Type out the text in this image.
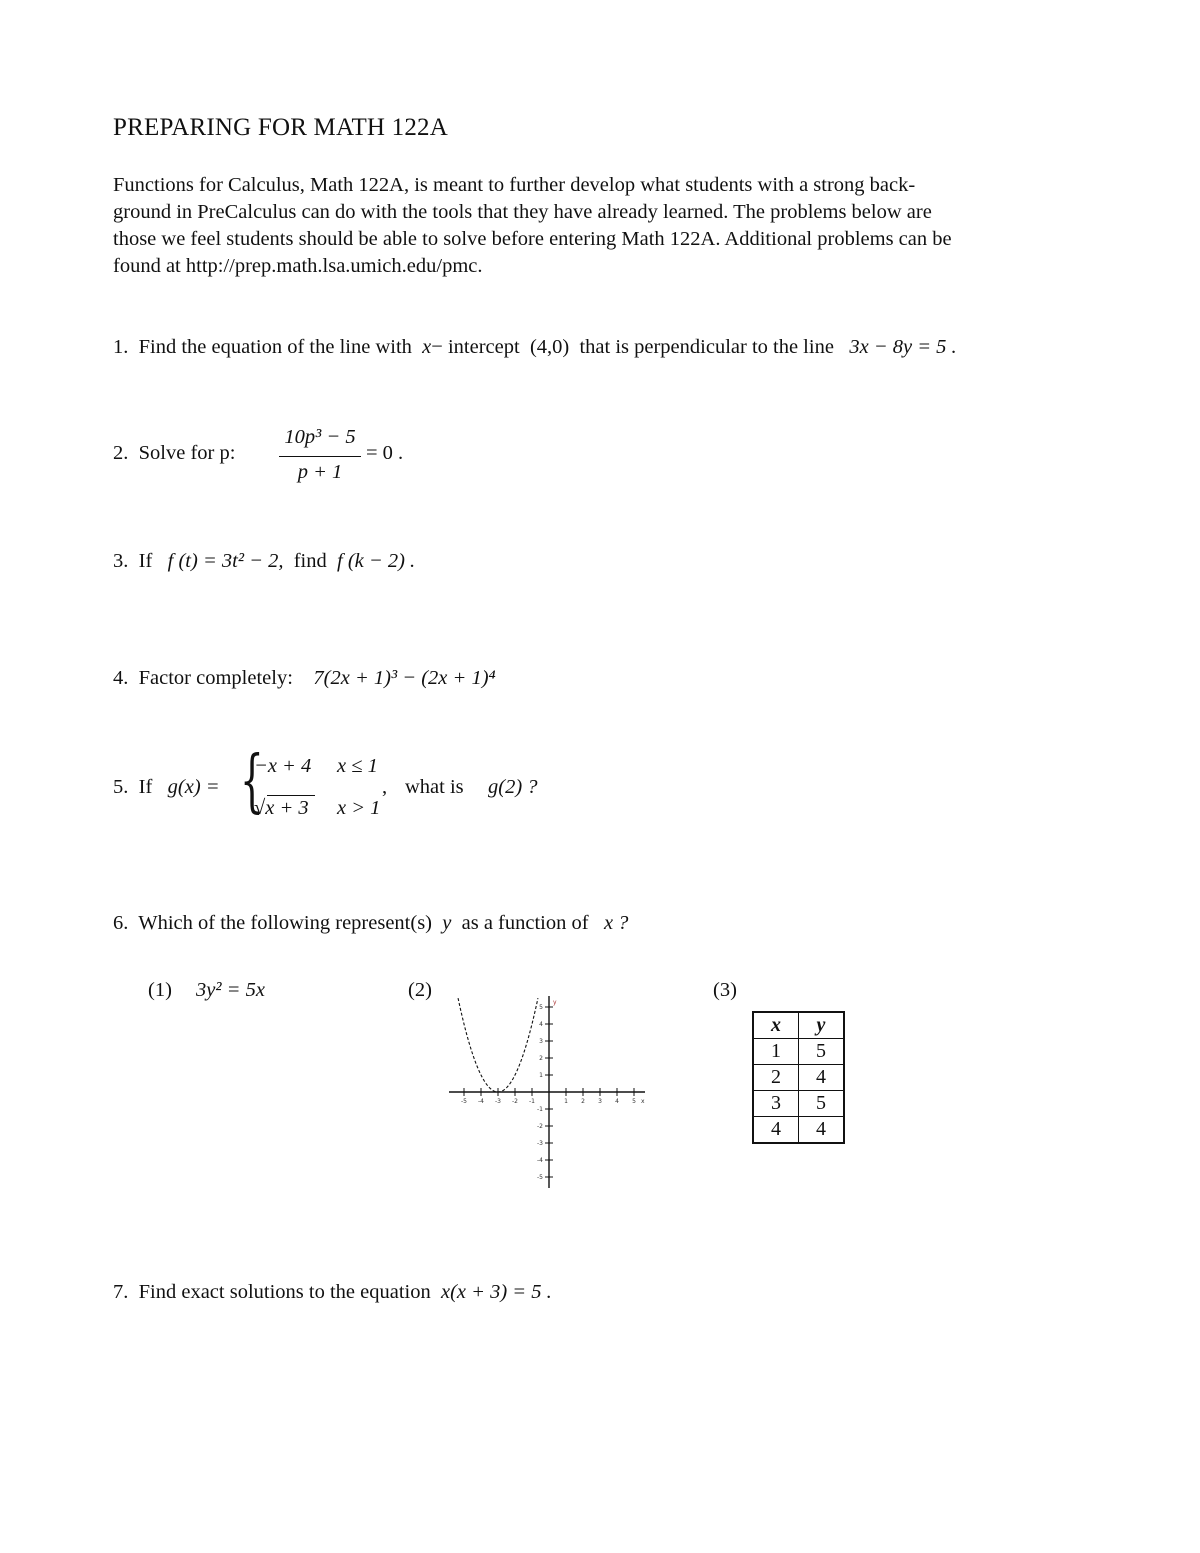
PREPARING FOR MATH 122A
Functions for Calculus, Math 122A, is meant to further develop what students with a strong back-
ground in PreCalculus can do with the tools that they have already learned. The problems below are
those we feel students should be able to solve before entering Math 122A. Additional problems can be
found at http://prep.math.lsa.umich.edu/pmc.
1. Find the equation of the line with x− intercept (4,0) that is perpendicular to the line 3x − 8y = 5 .
2. Solve for p:
10p³ − 5
p + 1
= 0 .
3. If f (t) = 3t² − 2, find f (k − 2) .
4. Factor completely: 7(2x + 1)³ − (2x + 1)⁴
5. If g(x) = {
−x + 4 x ≤ 1
√x + 3 x > 1
, what is g(2) ?
6. Which of the following represent(s) y as a function of x ?
(1) 3y² = 5x	(2)
-5 -4 -3 -2 -1	1 2 3 4 5
5
4
3
2
1
-1
-2
-3
-4
-5
x
y
(3)
x	y
1	5
2	4
3	5
4	4
7. Find exact solutions to the equation x(x + 3) = 5 .
